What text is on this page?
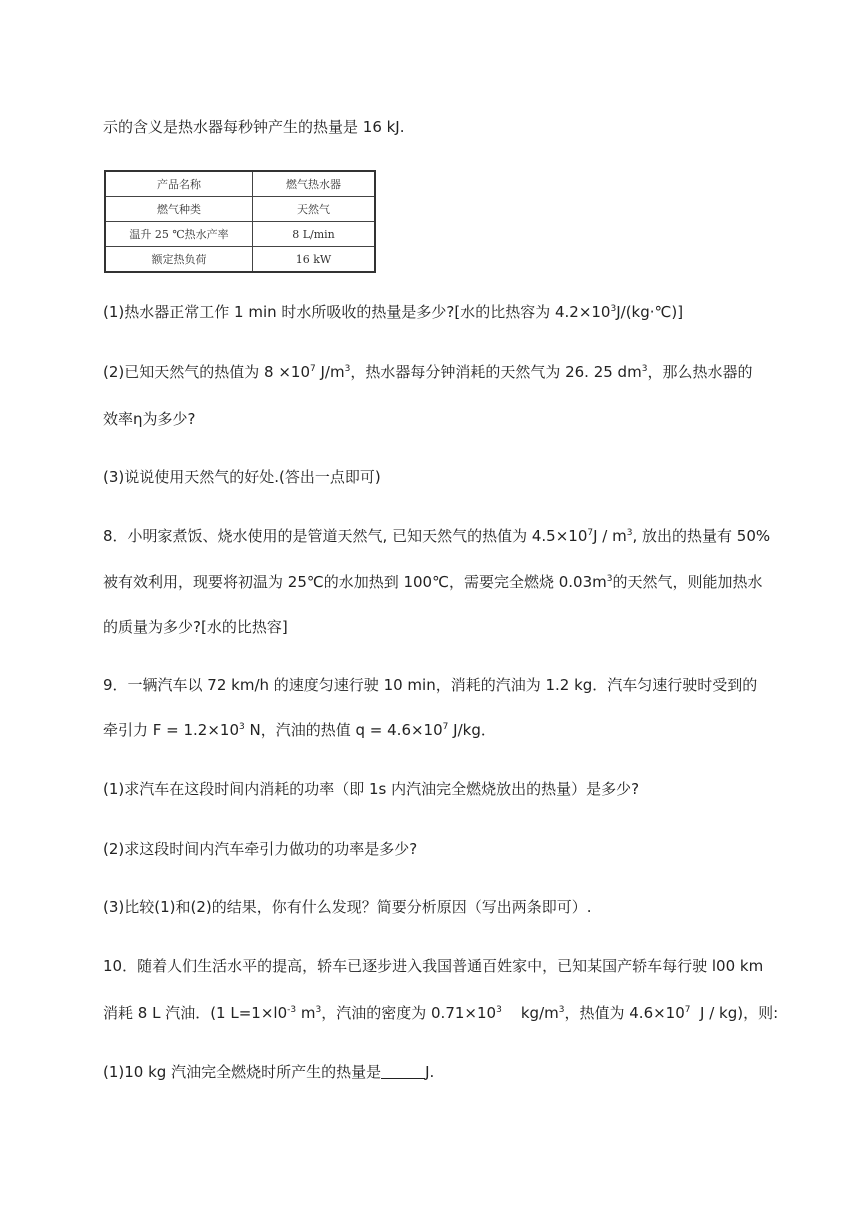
示的含义是热水器每秒钟产生的热量是 16 kJ.
产品名称	燃气热水器
燃气种类	天然气
温升 25 ℃热水产率	8 L/min
额定热负荷	16 kW
(1)热水器正常工作 1 min 时水所吸收的热量是多少?[水的比热容为 $4.2\times 10^3J/(kg\cdot℃)$]
(2)已知天然气的热值为 $8 \times 10^7$ $J/m^3$，热水器每分钟消耗的天然气为 26. 25 $dm^3$，那么热水器的
效率η为多少?
(3)说说使用天然气的好处.(答出一点即可)
8．小明家煮饭、烧水使用的是管道天然气, 已知天然气的热值为 $4.5\times 10^7J / m^3$, 放出的热量有 50%
被有效利用，现要将初温为 25℃的水加热到 100℃，需要完全燃烧 $0.03m^3$的天然气，则能加热水
的质量为多少?[水的比热容]
9．一辆汽车以 72 km/h 的速度匀速行驶 10 min，消耗的汽油为 1.2 kg．汽车匀速行驶时受到的
牵引力 $F = 1.2\times 10^3$ N，汽油的热值 $q = 4.6\times 10^7$ J/kg．
(1)求汽车在这段时间内消耗的功率（即 1s 内汽油完全燃烧放出的热量）是多少?
(2)求这段时间内汽车牵引力做功的功率是多少?
(3)比较(1)和(2)的结果，你有什么发现？简要分析原因（写出两条即可）.
10．随着人们生活水平的提高，轿车已逐步进入我国普通百姓家中，已知某国产轿车每行驶 l00 km
消耗 8 L 汽油．(1 $L=1\times l0^{-3}$ $m^3$，汽油的密度为 $0.71\times 10^3$    $kg/m^3$，热值为 $4.6\times 10^7$  J / kg)，则:
(1)10 kg 汽油完全燃烧时所产生的热量是	J.
